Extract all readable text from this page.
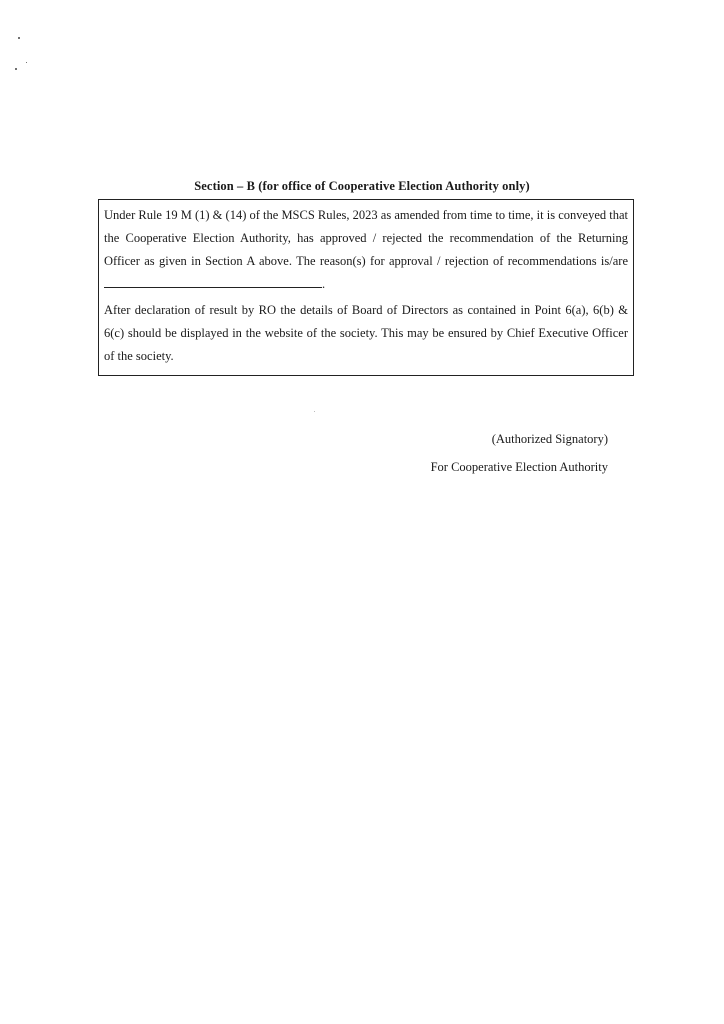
Section – B (for office of Cooperative Election Authority only)

Under Rule 19 M (1) & (14) of the MSCS Rules, 2023 as amended from time to time, it is conveyed that the Cooperative Election Authority, has approved / rejected the recommendation of the Returning Officer as given in Section A above. The reason(s) for approval / rejection of recommendations is/are.

After declaration of result by RO the details of Board of Directors as contained in Point 6(a), 6(b) & 6(c) should be displayed in the website of the society. This may be ensured by Chief Executive Officer of the society.

(Authorized Signatory)

For Cooperative Election Authority
